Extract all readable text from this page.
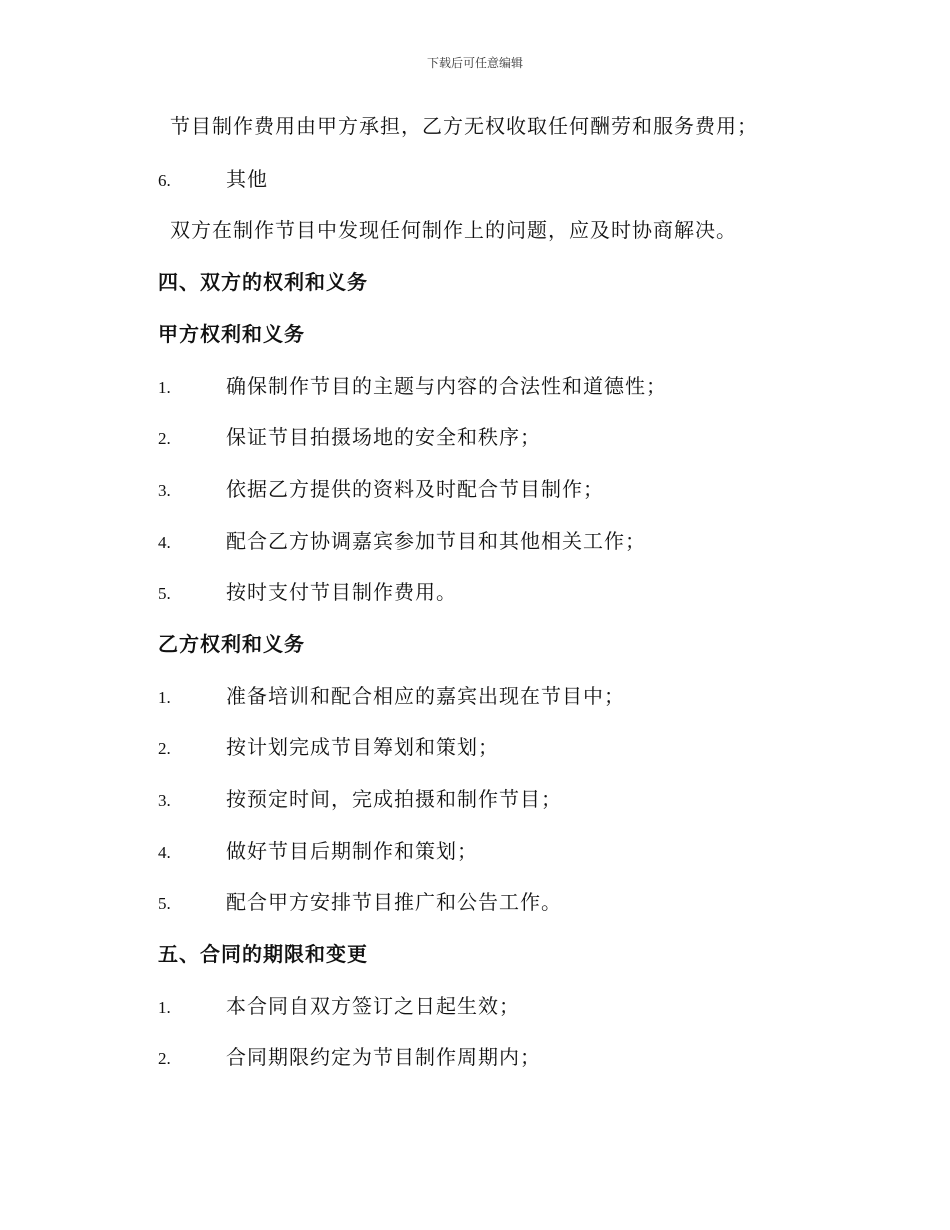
下载后可任意编辑
节目制作费用由甲方承担，乙方无权收取任何酬劳和服务费用；
6.	其他
双方在制作节目中发现任何制作上的问题，应及时协商解决。
四、双方的权利和义务
甲方权利和义务
1.	确保制作节目的主题与内容的合法性和道德性；
2.	保证节目拍摄场地的安全和秩序；
3.	依据乙方提供的资料及时配合节目制作；
4.	配合乙方协调嘉宾参加节目和其他相关工作；
5.	按时支付节目制作费用。
乙方权利和义务
1.	准备培训和配合相应的嘉宾出现在节目中；
2.	按计划完成节目筹划和策划；
3.	按预定时间，完成拍摄和制作节目；
4.	做好节目后期制作和策划；
5.	配合甲方安排节目推广和公告工作。
五、合同的期限和变更
1.	本合同自双方签订之日起生效；
2.	合同期限约定为节目制作周期内；
